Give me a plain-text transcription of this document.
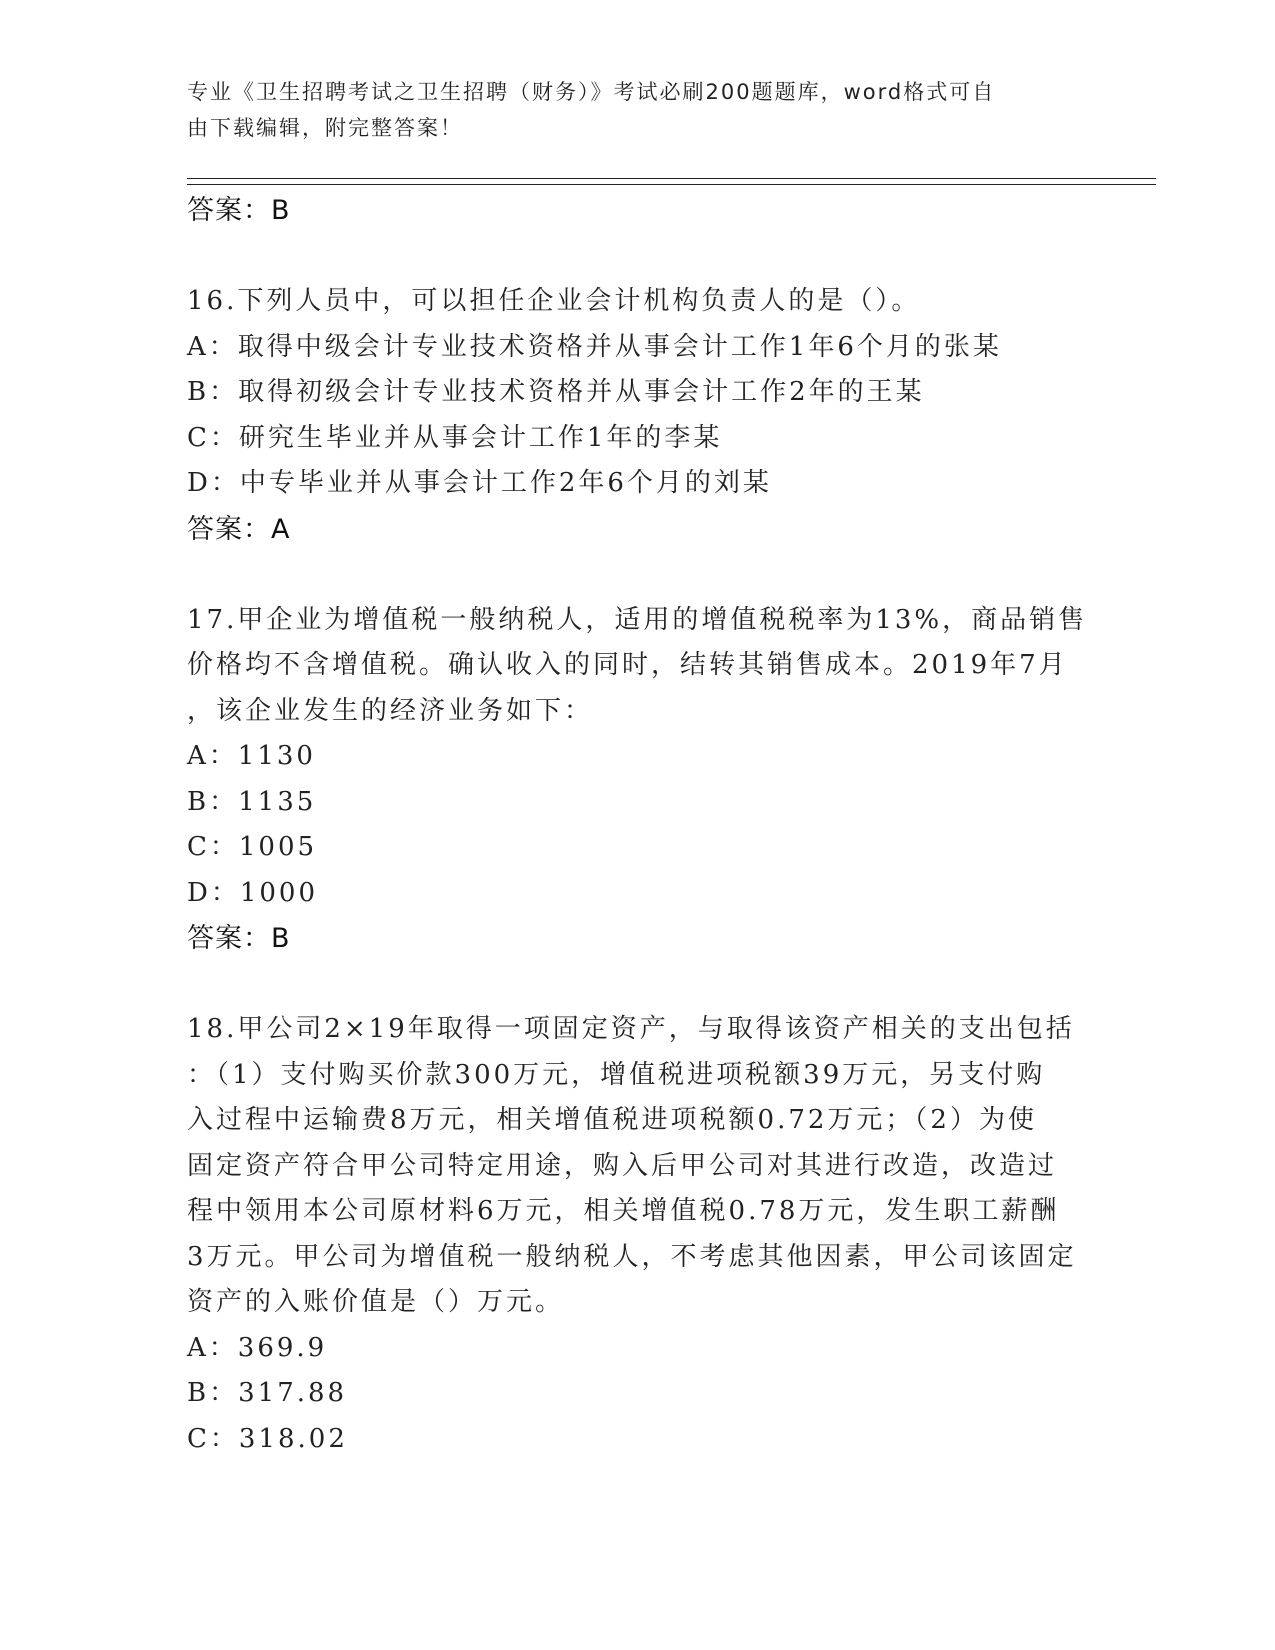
专业《卫生招聘考试之卫生招聘（财务）》考试必刷200题题库，word格式可自
由下载编辑，附完整答案！
答案：B
16.下列人员中，可以担任企业会计机构负责人的是（）。
A：取得中级会计专业技术资格并从事会计工作1年6个月的张某
B：取得初级会计专业技术资格并从事会计工作2年的王某
C：研究生毕业并从事会计工作1年的李某
D：中专毕业并从事会计工作2年6个月的刘某
答案：A
17.甲企业为增值税一般纳税人，适用的增值税税率为13%，商品销售
价格均不含增值税。确认收入的同时，结转其销售成本。2019年7月
，该企业发生的经济业务如下：
A：1130
B：1135
C：1005
D：1000
答案：B
18.甲公司2×19年取得一项固定资产，与取得该资产相关的支出包括
：（1）支付购买价款300万元，增值税进项税额39万元，另支付购
入过程中运输费8万元，相关增值税进项税额0.72万元；（2）为使
固定资产符合甲公司特定用途，购入后甲公司对其进行改造，改造过
程中领用本公司原材料6万元，相关增值税0.78万元，发生职工薪酬
3万元。甲公司为增值税一般纳税人，不考虑其他因素，甲公司该固定
资产的入账价值是（）万元。
A：369.9
B：317.88
C：318.02
